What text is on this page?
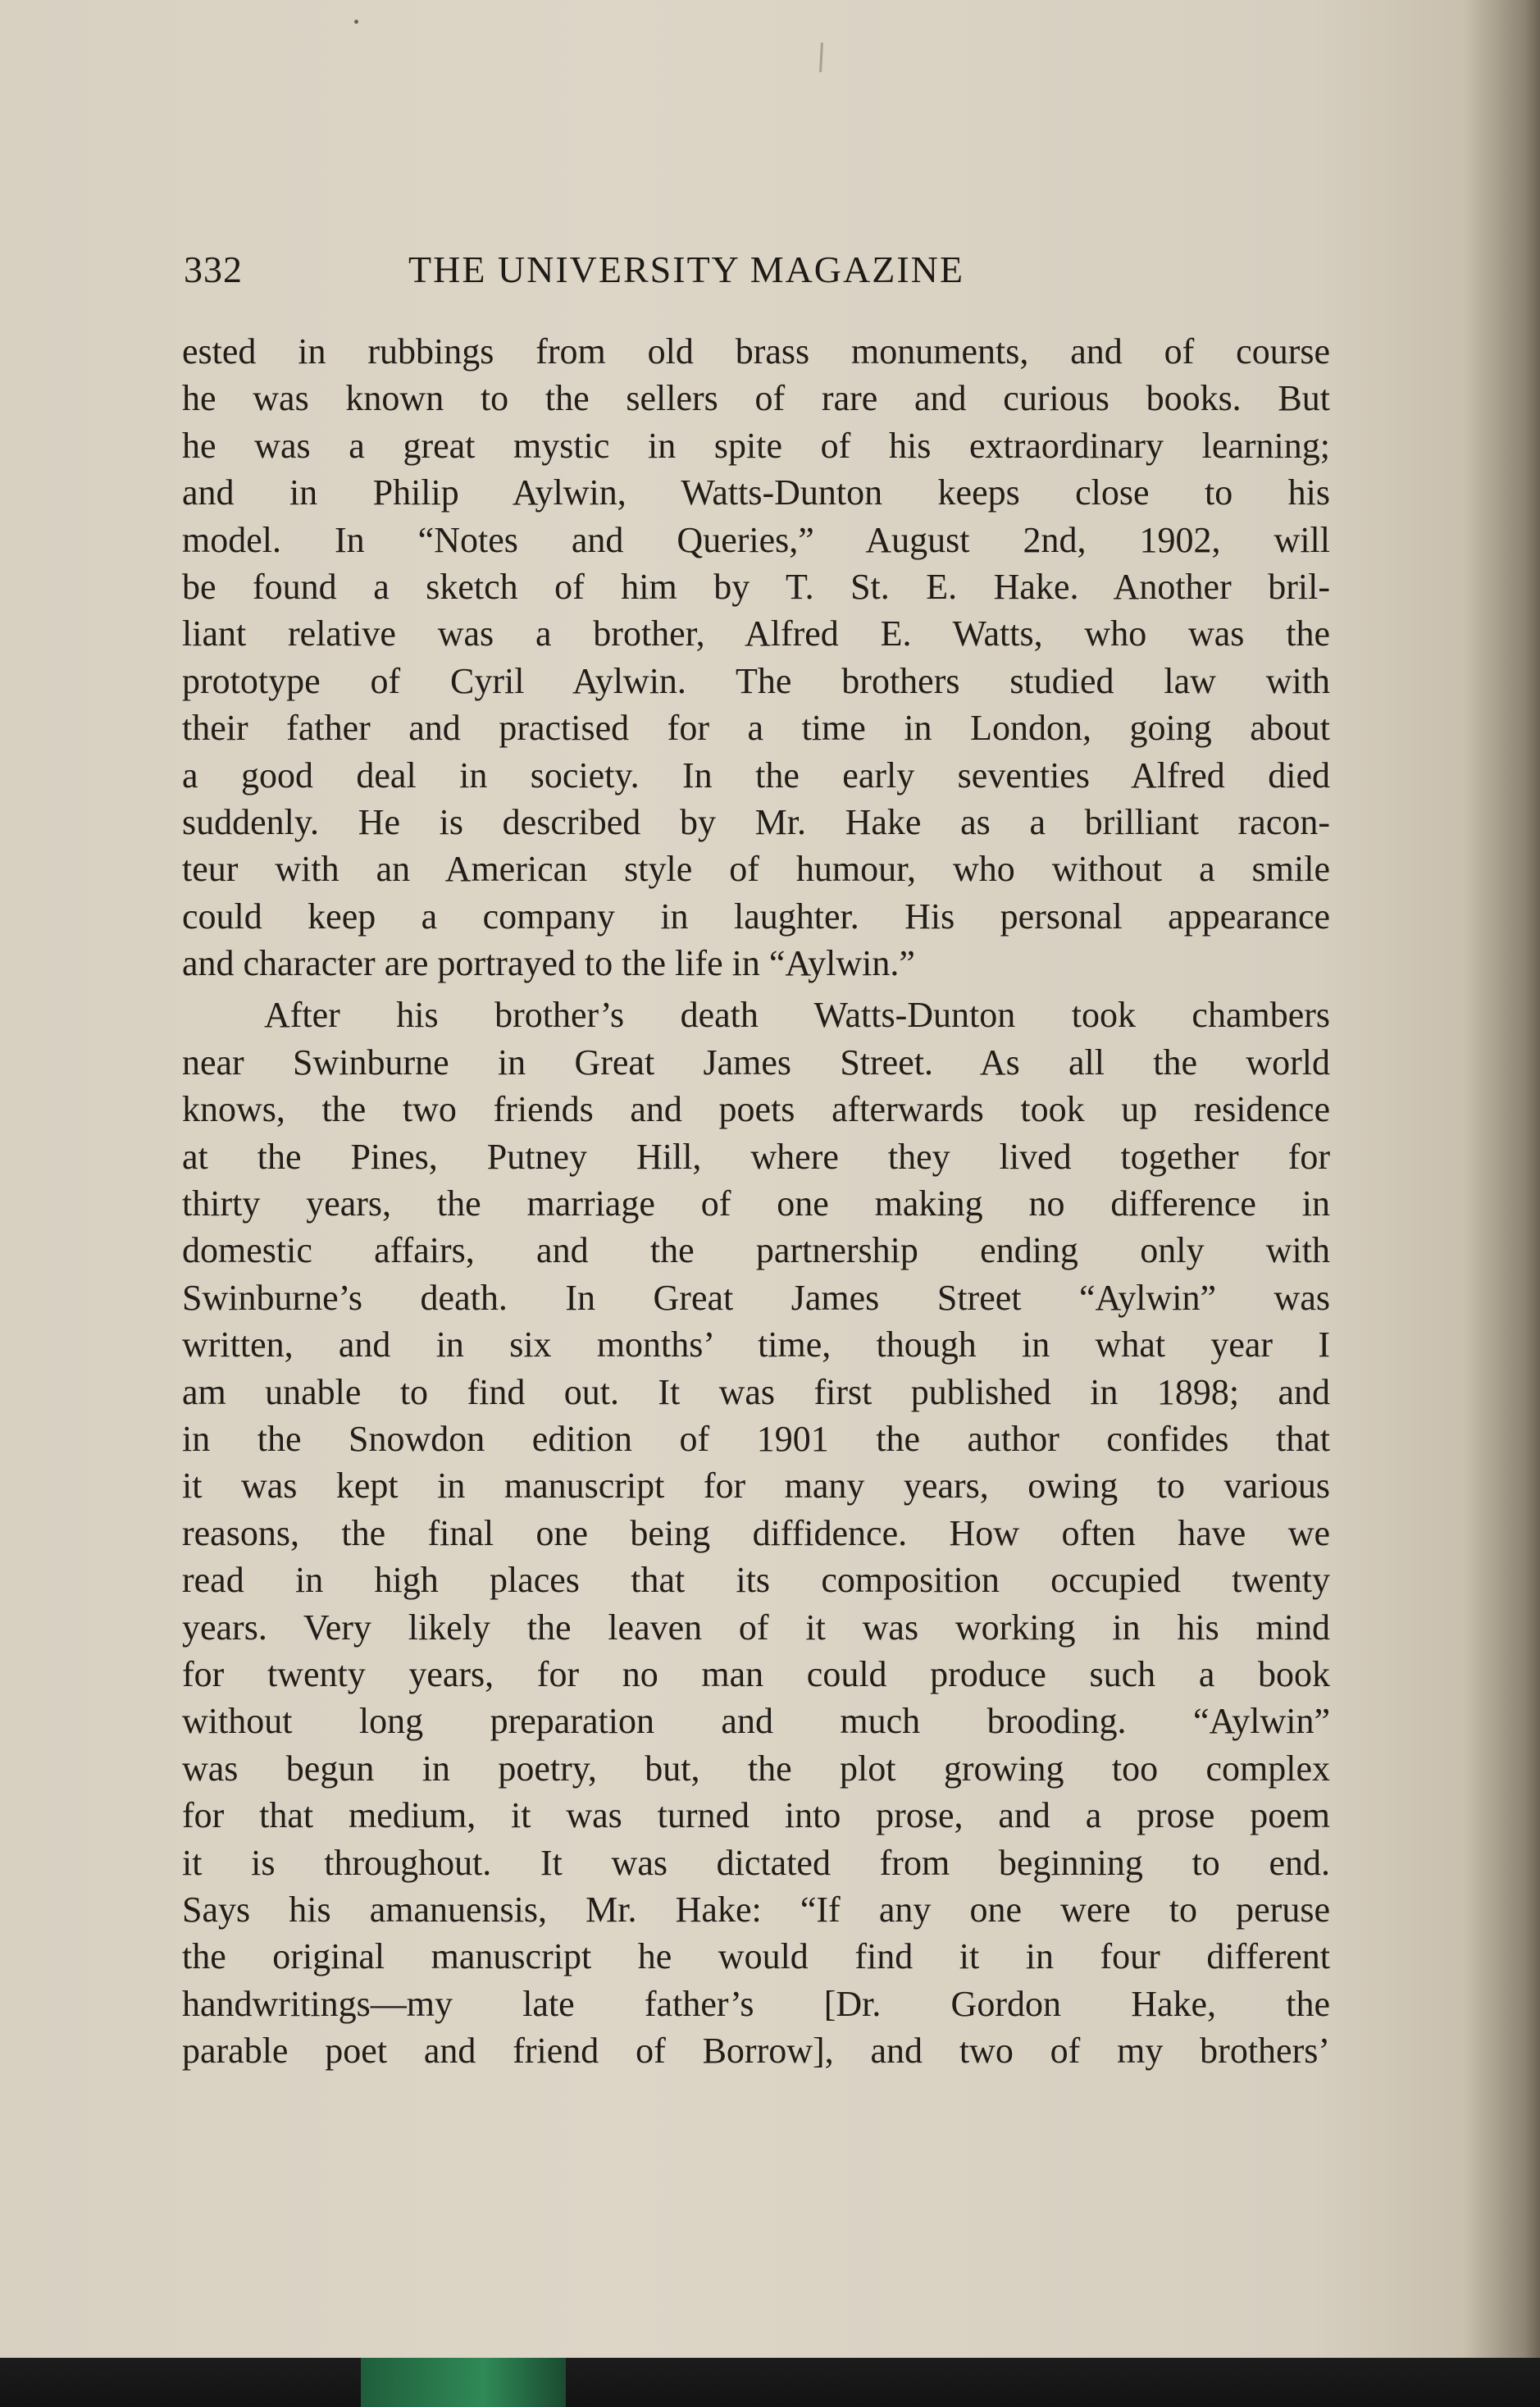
332	THE UNIVERSITY MAGAZINE
ested in rubbings from old brass monuments, and of course
he was known to the sellers of rare and curious books. But
he was a great mystic in spite of his extraordinary learning;
and in Philip Aylwin, Watts-Dunton keeps close to his
model. In “Notes and Queries,” August 2nd, 1902, will
be found a sketch of him by T. St. E. Hake. Another bril-
liant relative was a brother, Alfred E. Watts, who was the
prototype of Cyril Aylwin. The brothers studied law with
their father and practised for a time in London, going about
a good deal in society. In the early seventies Alfred died
suddenly. He is described by Mr. Hake as a brilliant racon-
teur with an American style of humour, who without a smile
could keep a company in laughter. His personal appearance
and character are portrayed to the life in “Aylwin.”
After his brother’s death Watts-Dunton took chambers
near Swinburne in Great James Street. As all the world
knows, the two friends and poets afterwards took up residence
at the Pines, Putney Hill, where they lived together for
thirty years, the marriage of one making no difference in
domestic affairs, and the partnership ending only with
Swinburne’s death. In Great James Street “Aylwin” was
written, and in six months’ time, though in what year I
am unable to find out. It was first published in 1898; and
in the Snowdon edition of 1901 the author confides that
it was kept in manuscript for many years, owing to various
reasons, the final one being diffidence. How often have we
read in high places that its composition occupied twenty
years. Very likely the leaven of it was working in his mind
for twenty years, for no man could produce such a book
without long preparation and much brooding. “Aylwin”
was begun in poetry, but, the plot growing too complex
for that medium, it was turned into prose, and a prose poem
it is throughout. It was dictated from beginning to end.
Says his amanuensis, Mr. Hake: “If any one were to peruse
the original manuscript he would find it in four different
handwritings—my late father’s [Dr. Gordon Hake, the
parable poet and friend of Borrow], and two of my brothers’
